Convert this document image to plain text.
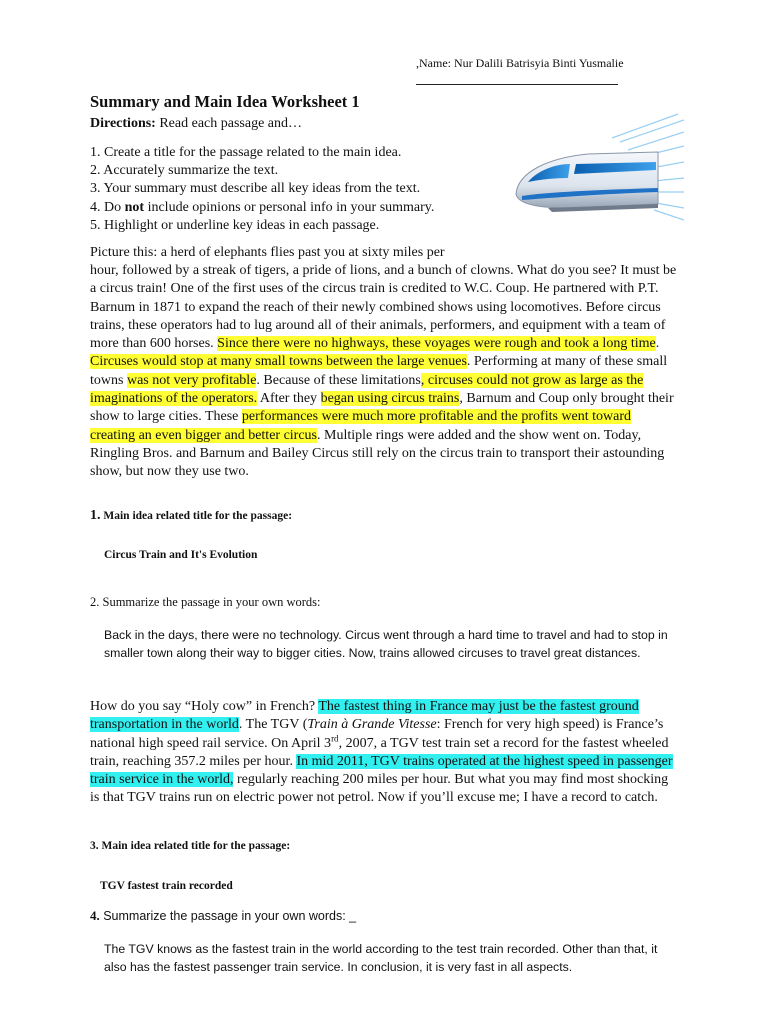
,Name: Nur Dalili Batrisyia Binti Yusmalie
Summary and Main Idea Worksheet 1
Directions: Read each passage and…
1. Create a title for the passage related to the main idea.
2. Accurately summarize the text.
3. Your summary must describe all key ideas from the text.
4. Do not include opinions or personal info in your summary.
5. Highlight or underline key ideas in each passage.

Picture this: a herd of elephants flies past you at sixty miles per

hour, followed by a streak of tigers, a pride of lions, and a bunch of clowns. What do you see? It must be a circus train! One of the first uses of the circus train is credited to W.C. Coup. He partnered with P.T. Barnum in 1871 to expand the reach of their newly combined shows using locomotives. Before circus trains, these operators had to lug around all of their animals, performers, and equipment with a team of more than 600 horses. Since there were no highways, these voyages were rough and took a long time. Circuses would stop at many small towns between the large venues. Performing at many of these small towns was not very profitable. Because of these limitations, circuses could not grow as large as the imaginations of the operators. After they began using circus trains, Barnum and Coup only brought their show to large cities. These performances were much more profitable and the profits went toward creating an even bigger and better circus. Multiple rings were added and the show went on. Today, Ringling Bros. and Barnum and Bailey Circus still rely on the circus train to transport their astounding show, but now they use two.

1. Main idea related title for the passage:
Circus Train and It's Evolution
2. Summarize the passage in your own words:
Back in the days, there were no technology. Circus went through a hard time to travel and had to stop in smaller town along their way to bigger cities. Now, trains allowed circuses to travel great distances.

How do you say “Holy cow” in French? The fastest thing in France may just be the fastest ground transportation in the world. The TGV (Train à Grande Vitesse: French for very high speed) is France’s national high speed rail service. On April 3rd, 2007, a TGV test train set a record for the fastest wheeled train, reaching 357.2 miles per hour. In mid 2011, TGV trains operated at the highest speed in passenger train service in the world, regularly reaching 200 miles per hour. But what you may find most shocking is that TGV trains run on electric power not petrol. Now if you’ll excuse me; I have a record to catch.

3. Main idea related title for the passage:
TGV fastest train recorded
4. Summarize the passage in your own words: _
The TGV knows as the fastest train in the world according to the test train recorded. Other than that, it also has the fastest passenger train service. In conclusion, it is very fast in all aspects.
